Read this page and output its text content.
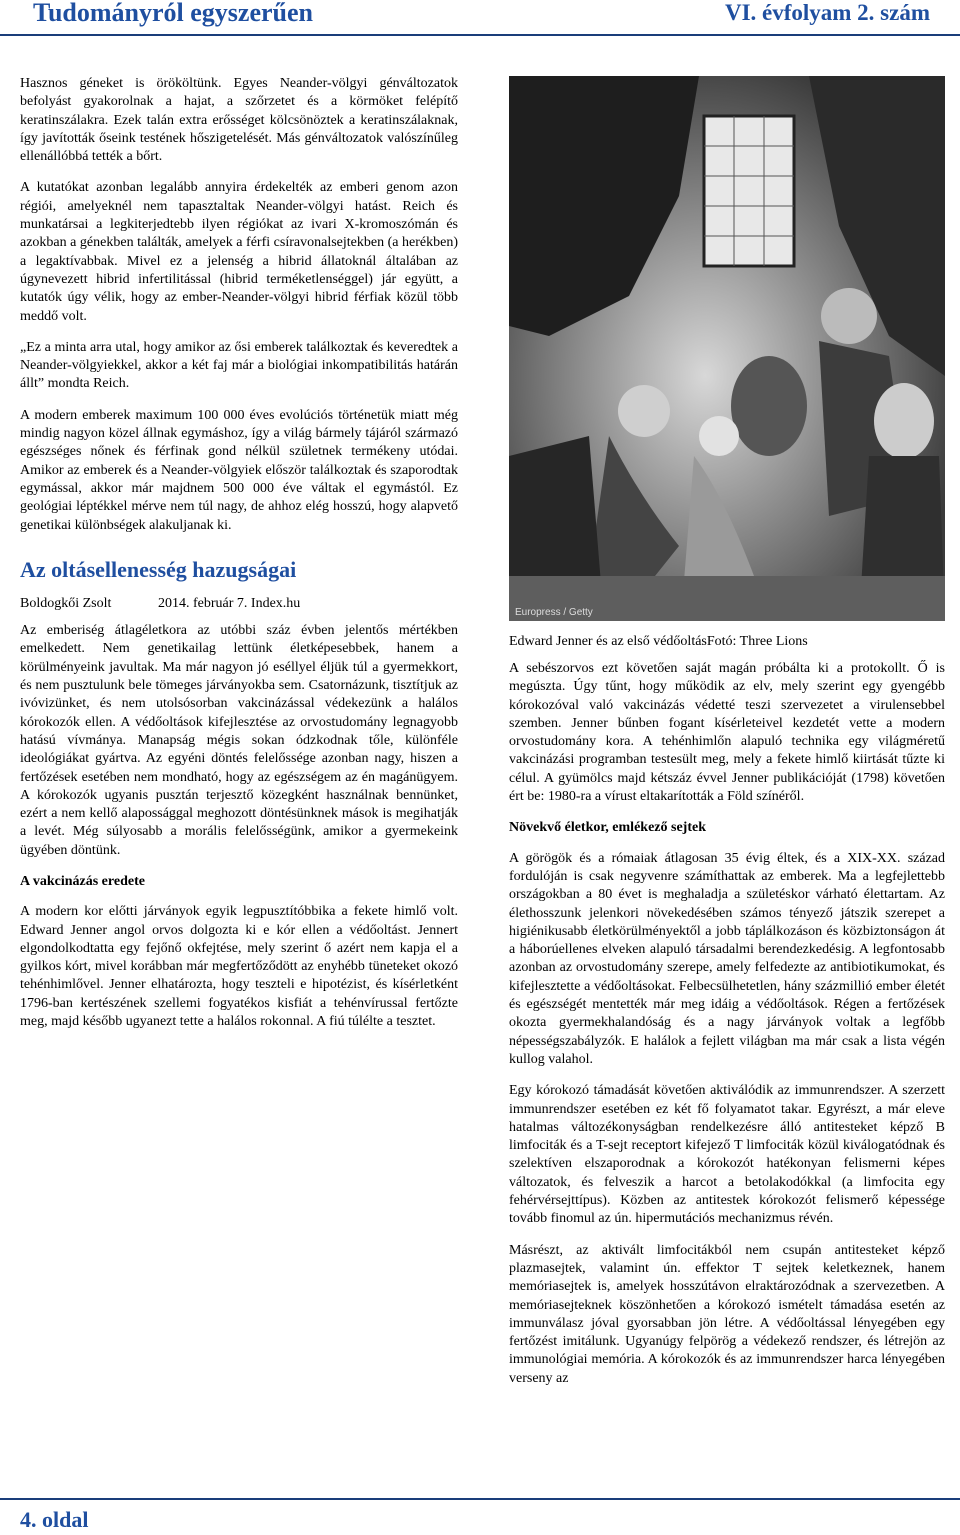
Tudományról egyszerűen	VI. évfolyam 2. szám

Hasznos géneket is örököltünk. Egyes Neander-völgyi génváltozatok befolyást gyakorolnak a hajat, a szőrzetet és a körmöket felépítő keratinszálakra. Ezek talán extra erősséget kölcsönöztek a keratinszálaknak, így javították őseink testének hőszigetelését. Más génváltozatok valószínűleg ellenállóbbá tették a bőrt.

A kutatókat azonban legalább annyira érdekelték az emberi genom azon régiói, amelyeknél nem tapasztaltak Neander-völgyi hatást. Reich és munkatársai a legkiterjedtebb ilyen régiókat az ivari X-kromoszómán és azokban a génekben találták, amelyek a férfi csíravonalsejtekben (a herékben) a legaktívabbak. Mivel ez a jelenség a hibrid állatoknál általában az úgynevezett hibrid infertilitással (hibrid terméketlenséggel) jár együtt, a kutatók úgy vélik, hogy az ember-Neander-völgyi hibrid férfiak közül több meddő volt.

„Ez a minta arra utal, hogy amikor az ősi emberek találkoztak és keveredtek a Neander-völgyiekkel, akkor a két faj már a biológiai inkompatibilitás határán állt” mondta Reich.

A modern emberek maximum 100 000 éves evolúciós történetük miatt még mindig nagyon közel állnak egymáshoz, így a világ bármely tájáról származó egészséges nőnek és férfinak gond nélkül születnek termékeny utódai. Amikor az emberek és a Neander-völgyiek először találkoztak és szaporodtak egymással, akkor már majdnem 500 000 éve váltak el egymástól. Ez geológiai léptékkel mérve nem túl nagy, de ahhoz elég hosszú, hogy alapvető genetikai különbségek alakuljanak ki.

Az oltásellenesség hazugságai
Boldogkői Zsolt	2014. február 7. Index.hu

Az emberiség átlagéletkora az utóbbi száz évben jelentős mértékben emelkedett. Nem genetikailag lettünk életképesebbek, hanem a körülményeink javultak. Ma már nagyon jó eséllyel éljük túl a gyermekkort, és nem pusztulunk bele tömeges járványokba sem. Csatornázunk, tisztítjuk az ivóvizünket, és nem utolsósorban vakcinázással védekezünk a halálos kórokozók ellen. A védőoltások kifejlesztése az orvostudomány legnagyobb hatású vívmánya. Manapság mégis sokan ódzkodnak tőle, különféle ideológiákat gyártva. Az egyéni döntés felelőssége azonban nagy, hiszen a fertőzések esetében nem mondható, hogy az egészségem az én magánügyem. A kórokozók ugyanis pusztán terjesztő közegként használnak bennünket, ezért a nem kellő alapossággal meghozott döntésünknek mások is megihatják a levét. Még súlyosabb a morális felelősségünk, amikor a gyermekeink ügyében döntünk.

A vakcinázás eredete

A modern kor előtti járványok egyik legpusztítóbbika a fekete himlő volt. Edward Jenner angol orvos dolgozta ki e kór ellen a védőoltást. Jennert elgondolkodtatta egy fejőnő okfejtése, mely szerint ő azért nem kapja el a gyilkos kórt, mivel korábban már megfertőződött az enyhébb tüneteket okozó tehénhimlővel. Jenner elhatározta, hogy teszteli e hipotézist, és kísérletként 1796-ban kertészének szellemi fogyatékos kisfiát a tehénvírussal fertőzte meg, majd később ugyanezt tette a halálos rokonnal. A fiú túlélte a tesztet.

Europress / Getty
Edward Jenner és az első védőoltásFotó: Three Lions

A sebészorvos ezt követően saját magán próbálta ki a protokollt. Ő is megúszta. Úgy tűnt, hogy működik az elv, mely szerint egy gyengébb kórokozóval való vakcinázás védetté teszi szervezetet a virulensebbel szemben. Jenner bűnben fogant kísérleteivel kezdetét vette a modern orvostudomány kora. A tehénhimlőn alapuló technika egy világméretű vakcinázási programban testesült meg, mely a fekete himlő kiirtását tűzte ki célul. A gyümölcs majd kétszáz évvel Jenner publikációját (1798) követően ért be: 1980-ra a vírust eltakarították a Föld színéről.

Növekvő életkor, emlékező sejtek

A görögök és a rómaiak átlagosan 35 évig éltek, és a XIX-XX. század fordulóján is csak negyvenre számíthattak az emberek. Ma a legfejlettebb országokban a 80 évet is meghaladja a születéskor várható élettartam. Az élethosszunk jelenkori növekedésében számos tényező játszik szerepet a higiénikusabb életkörülményektől a jobb táplálkozáson és közbiztonságon át a háborúellenes elveken alapuló társadalmi berendezkedésig. A legfontosabb azonban az orvostudomány szerepe, amely felfedezte az antibiotikumokat, és kifejlesztette a védőoltásokat. Felbecsülhetetlen, hány százmillió ember életét és egészségét mentették már meg idáig a védőoltások. Régen a fertőzések okozta gyermekhalandóság és a nagy járványok voltak a legfőbb népességszabályzók. E halálok a fejlett világban ma már csak a lista végén kullog valahol.

Egy kórokozó támadását követően aktiválódik az immunrendszer. A szerzett immunrendszer esetében ez két fő folyamatot takar. Egyrészt, a már eleve hatalmas változékonyságban rendelkezésre álló antitesteket képző B limfociták és a T-sejt receptort kifejező T limfociták közül kiválogatódnak és szelektíven elszaporodnak a kórokozót hatékonyan felismerni képes változatok, és felveszik a harcot a betolakodókkal (a limfocita egy fehérvérsejttípus). Közben az antitestek kórokozót felismerő képessége tovább finomul az ún. hipermutációs mechanizmus révén.

Másrészt, az aktivált limfocitákból nem csupán antitesteket képző plazmasejtek, valamint ún. effektor T sejtek keletkeznek, hanem memóriasejtek is, amelyek hosszútávon elraktározódnak a szervezetben. A memóriasejteknek köszönhetően a kórokozó ismételt támadása esetén az immunválasz jóval gyorsabban jön létre. A védőoltással lényegében egy fertőzést imitálunk. Ugyanúgy felpörög a védekező rendszer, és létrejön az immunológiai memória. A kórokozók és az immunrendszer harca lényegében verseny az

4. oldal
